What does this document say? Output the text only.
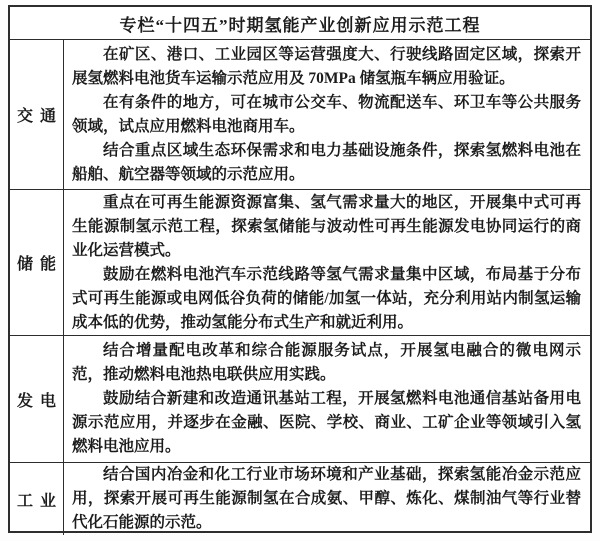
专栏“十四五”时期氢能产业创新应用示范工程
交通

在矿区、港口、工业园区等运营强度大、行驶线路固定区域，探索开展氢燃料电池货车运输示范应用及 70MPa 储氢瓶车辆应用验证。

在有条件的地方，可在城市公交车、物流配送车、环卫车等公共服务领域，试点应用燃料电池商用车。

结合重点区域生态环保需求和电力基础设施条件，探索氢燃料电池在船舶、航空器等领域的示范应用。

储能

重点在可再生能源资源富集、氢气需求量大的地区，开展集中式可再生能源制氢示范工程，探索氢储能与波动性可再生能源发电协同运行的商业化运营模式。

鼓励在燃料电池汽车示范线路等氢气需求量集中区域，布局基于分布式可再生能源或电网低谷负荷的储能/加氢一体站，充分利用站内制氢运输成本低的优势，推动氢能分布式生产和就近利用。

发电

结合增量配电改革和综合能源服务试点，开展氢电融合的微电网示范，推动燃料电池热电联供应用实践。

鼓励结合新建和改造通讯基站工程，开展氢燃料电池通信基站备用电源示范应用，并逐步在金融、医院、学校、商业、工矿企业等领域引入氢燃料电池应用。

工业

结合国内冶金和化工行业市场环境和产业基础，探索氢能冶金示范应用，探索开展可再生能源制氢在合成氨、甲醇、炼化、煤制油气等行业替代化石能源的示范。
